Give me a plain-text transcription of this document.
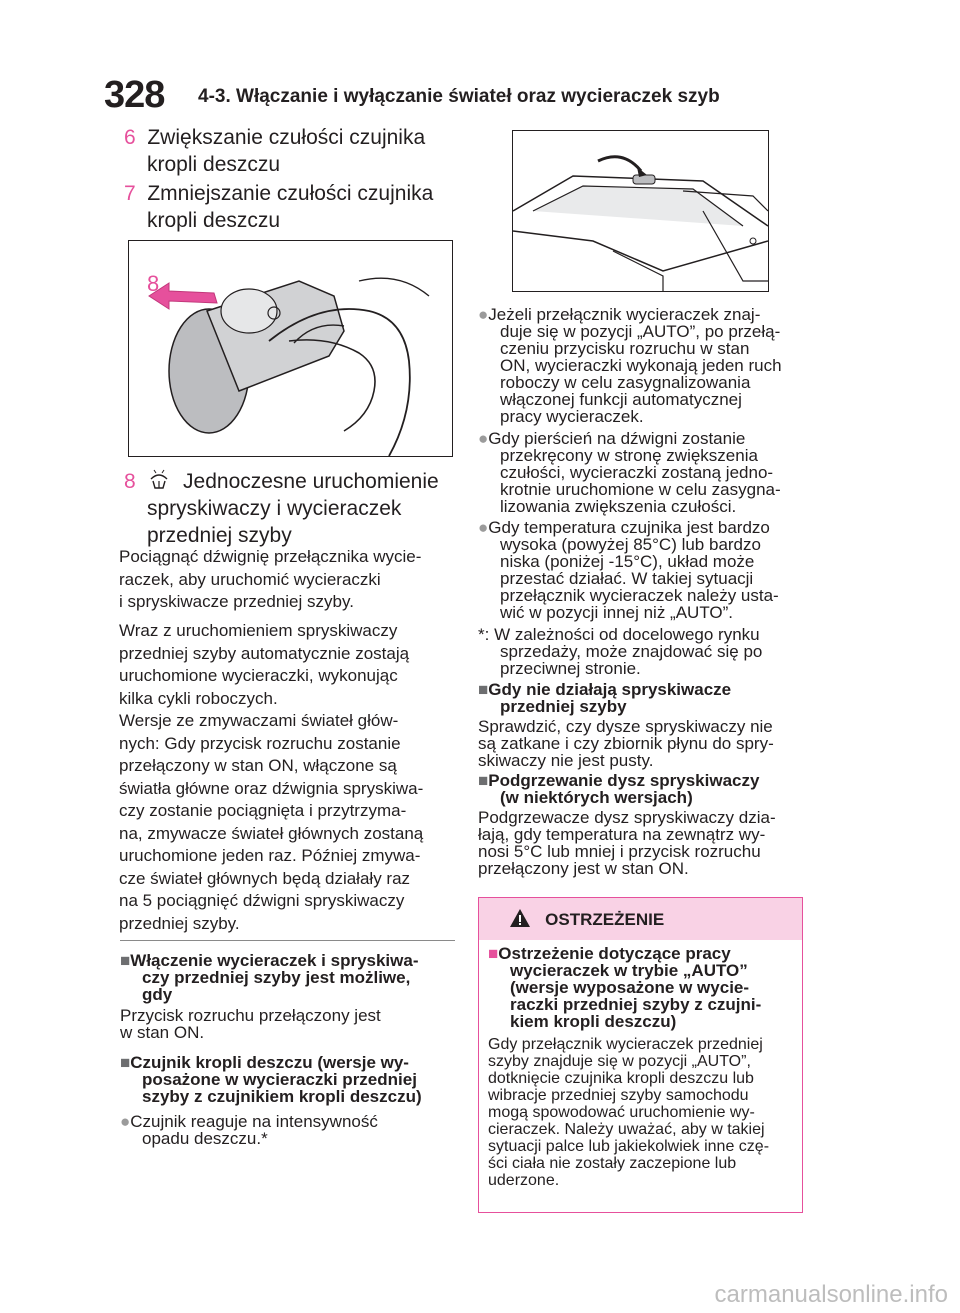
328 4-3. Włączanie i wyłączanie świateł oraz wycieraczek szyb
6 Zwiększanie czułości czujnika
kropli deszczu
7 Zmniejszanie czułości czujnika
kropli deszczu
8
8 Jednoczesne uruchomienie
spryskiwaczy i wycieraczek
przedniej szyby
Pociągnąć dźwignię przełącznika wycie-
raczek, aby uruchomić wycieraczki
i spryskiwacze przedniej szyby.
Wraz z uruchomieniem spryskiwaczy
przedniej szyby automatycznie zostają
uruchomione wycieraczki, wykonując
kilka cykli roboczych.
Wersje ze zmywaczami świateł głów-
nych: Gdy przycisk rozruchu zostanie
przełączony w stan ON, włączone są
światła główne oraz dźwignia spryskiwa-
czy zostanie pociągnięta i przytrzyma-
na, zmywacze świateł głównych zostaną
uruchomione jeden raz. Później zmywa-
cze świateł głównych będą działały raz
na 5 pociągnięć dźwigni spryskiwaczy
przedniej szyby.
■Włączenie wycieraczek i spryskiwa-
czy przedniej szyby jest możliwe,
gdy
Przycisk rozruchu przełączony jest
w stan ON.
■Czujnik kropli deszczu (wersje wy-
posażone w wycieraczki przedniej
szyby z czujnikiem kropli deszczu)
●Czujnik reaguje na intensywność
opadu deszczu.*
●Jeżeli przełącznik wycieraczek znaj-
duje się w pozycji „AUTO”, po przełą-
czeniu przycisku rozruchu w stan
ON, wycieraczki wykonają jeden ruch
roboczy w celu zasygnalizowania
włączonej funkcji automatycznej
pracy wycieraczek.
●Gdy pierścień na dźwigni zostanie
przekręcony w stronę zwiększenia
czułości, wycieraczki zostaną jedno-
krotnie uruchomione w celu zasygna-
lizowania zwiększenia czułości.
●Gdy temperatura czujnika jest bardzo
wysoka (powyżej 85°C) lub bardzo
niska (poniżej -15°C), układ może
przestać działać. W takiej sytuacji
przełącznik wycieraczek należy usta-
wić w pozycji innej niż „AUTO”.
*: W zależności od docelowego rynku
sprzedaży, może znajdować się po
przeciwnej stronie.
■Gdy nie działają spryskiwacze
przedniej szyby
Sprawdzić, czy dysze spryskiwaczy nie
są zatkane i czy zbiornik płynu do spry-
skiwaczy nie jest pusty.
■Podgrzewanie dysz spryskiwaczy
(w niektórych wersjach)
Podgrzewacze dysz spryskiwaczy dzia-
łają, gdy temperatura na zewnątrz wy-
nosi 5°C lub mniej i przycisk rozruchu
przełączony jest w stan ON.
OSTRZEŻENIE
■Ostrzeżenie dotyczące pracy
wycieraczek w trybie „AUTO”
(wersje wyposażone w wycie-
raczki przedniej szyby z czujni-
kiem kropli deszczu)
Gdy przełącznik wycieraczek przedniej
szyby znajduje się w pozycji „AUTO”,
dotknięcie czujnika kropli deszczu lub
wibracje przedniej szyby samochodu
mogą spowodować uruchomienie wy-
cieraczek. Należy uważać, aby w takiej
sytuacji palce lub jakiekolwiek inne czę-
ści ciała nie zostały zaczepione lub
uderzone.
carmanualsonline.info
